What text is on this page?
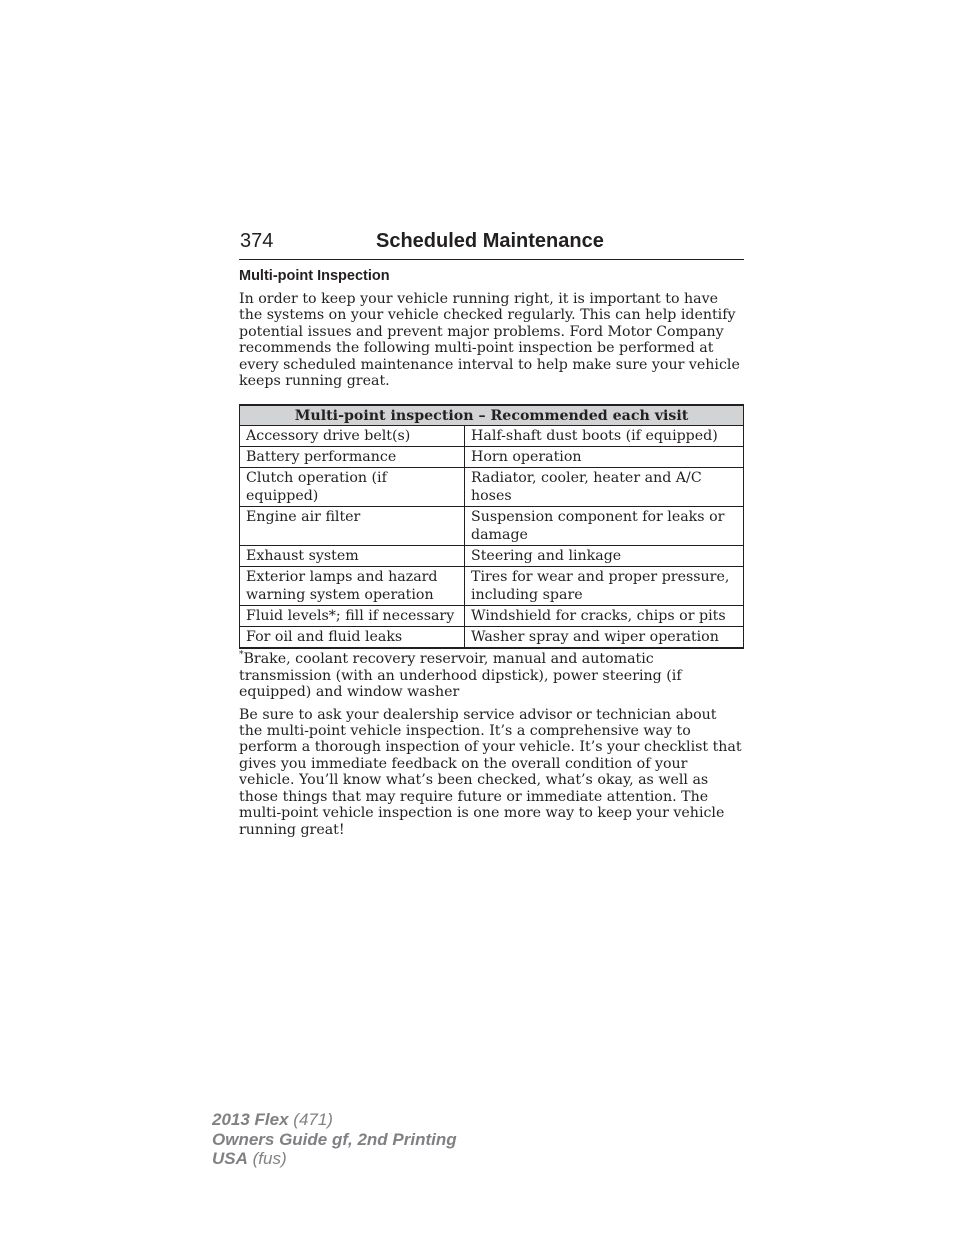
374	Scheduled Maintenance
Multi-point Inspection

In order to keep your vehicle running right, it is important to have the systems on your vehicle checked regularly. This can help identify potential issues and prevent major problems. Ford Motor Company recommends the following multi-point inspection be performed at every scheduled maintenance interval to help make sure your vehicle keeps running great.

Multi-point inspection – Recommended each visit	
Accessory drive belt(s)	Half-shaft dust boots (if equipped)
Battery performance	Horn operation
Clutch operation (if equipped)	Radiator, cooler, heater and A/C hoses
Engine air filter	Suspension component for leaks or damage
Exhaust system	Steering and linkage
Exterior lamps and hazard warning system operation	Tires for wear and proper pressure, including spare
Fluid levels*; fill if necessary	Windshield for cracks, chips or pits
For oil and fluid leaks	Washer spray and wiper operation

*Brake, coolant recovery reservoir, manual and automatic transmission (with an underhood dipstick), power steering (if equipped) and window washer

Be sure to ask your dealership service advisor or technician about the multi-point vehicle inspection. It’s a comprehensive way to perform a thorough inspection of your vehicle. It’s your checklist that gives you immediate feedback on the overall condition of your vehicle. You’ll know what’s been checked, what’s okay, as well as those things that may require future or immediate attention. The multi-point vehicle inspection is one more way to keep your vehicle running great!

2013 Flex (471)
Owners Guide gf, 2nd Printing
USA (fus)
